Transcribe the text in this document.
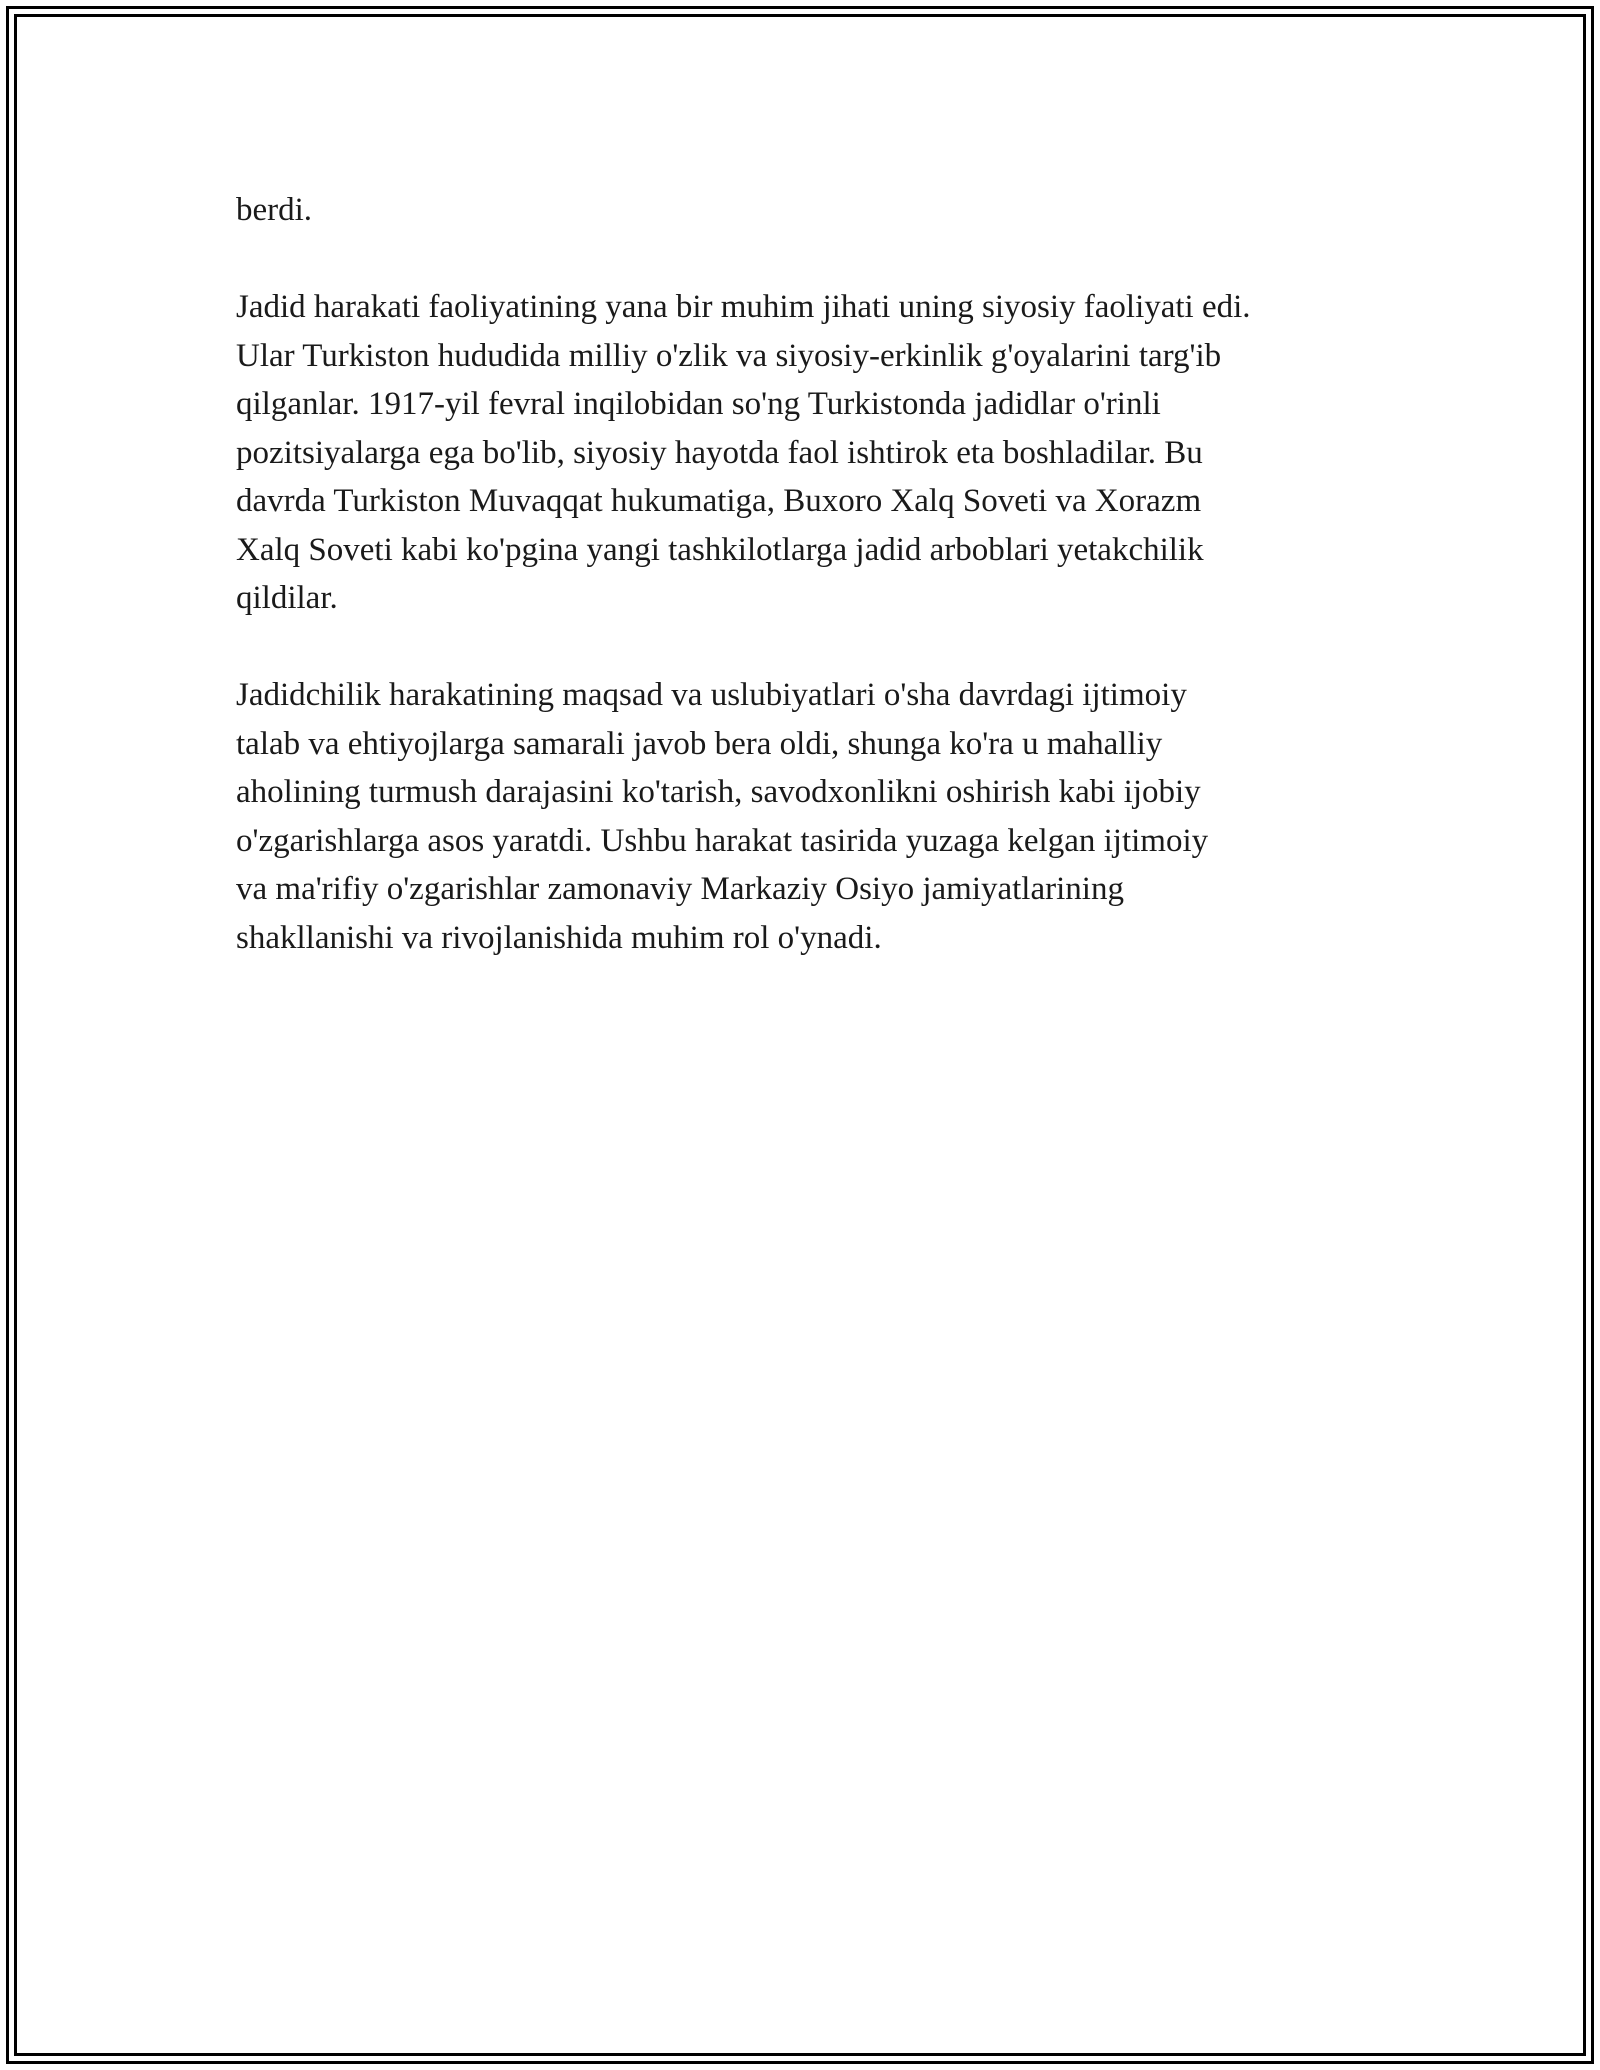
berdi.

Jadid harakati faoliyatining yana bir muhim jihati uning siyosiy faoliyati edi.
Ular Turkiston hududida milliy o'zlik va siyosiy-erkinlik g'oyalarini targ'ib
qilganlar. 1917-yil fevral inqilobidan so'ng Turkistonda jadidlar o'rinli
pozitsiyalarga ega bo'lib, siyosiy hayotda faol ishtirok eta boshladilar. Bu
davrda Turkiston Muvaqqat hukumatiga, Buxoro Xalq Soveti va Xorazm
Xalq Soveti kabi ko'pgina yangi tashkilotlarga jadid arboblari yetakchilik
qildilar.

Jadidchilik harakatining maqsad va uslubiyatlari o'sha davrdagi ijtimoiy
talab va ehtiyojlarga samarali javob bera oldi, shunga ko'ra u mahalliy
aholining turmush darajasini ko'tarish, savodxonlikni oshirish kabi ijobiy
o'zgarishlarga asos yaratdi. Ushbu harakat tasirida yuzaga kelgan ijtimoiy
va ma'rifiy o'zgarishlar zamonaviy Markaziy Osiyo jamiyatlarining
shakllanishi va rivojlanishida muhim rol o'ynadi.
